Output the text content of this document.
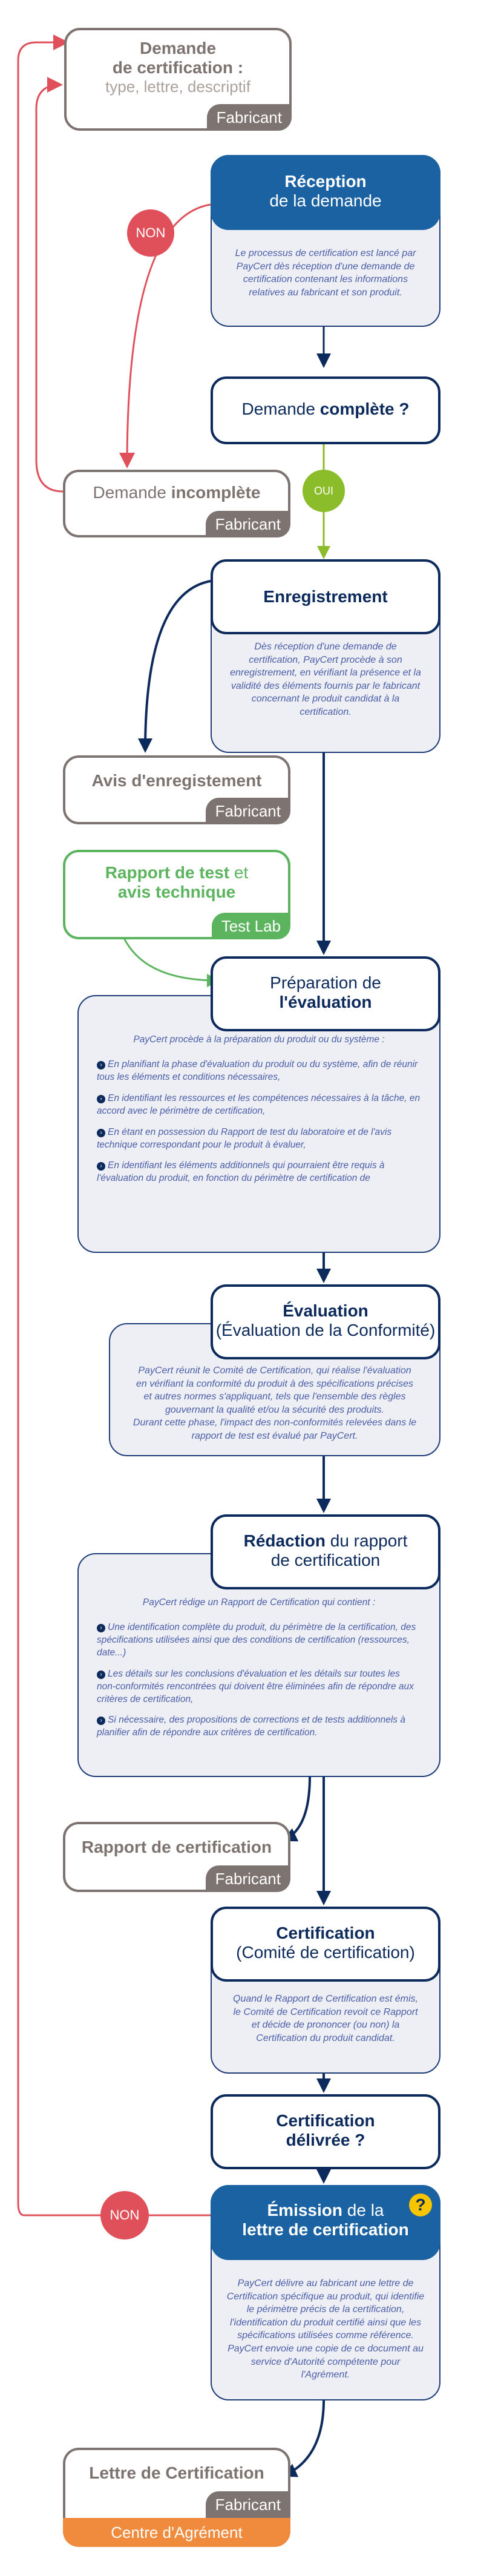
Demande
de certification :
type, lettre, descriptif
Fabricant
Le processus de certification est lancé par PayCert dès réception d'une demande de certification contenant les informations relatives au fabricant et son produit.
Réception
de la demande
NON
Demande complète ?
Demande incomplète
Fabricant
OUI
Dès réception d'une demande de certification, PayCert procède à son enregistrement, en vérifiant la présence et la validité des éléments fournis par le fabricant concernant le produit candidat à la certification.
Enregistrement
Avis d'enregistement
Fabricant
Rapport de test et
avis technique
Test Lab
PayCert procède à la préparation du produit ou du système :
› En planifiant la phase d'évaluation du produit ou du système, afin de réunir tous les éléments et conditions nécessaires,
› En identifiant les ressources et les compétences nécessaires à la tâche, en accord avec le périmètre de certification,
› En étant en possession du Rapport de test du laboratoire et de l'avis technique correspondant pour le produit à évaluer,
› En identifiant les éléments additionnels qui pourraient être requis à l'évaluation du produit, en fonction du périmètre de certification de
Préparation de
l'évaluation
PayCert réunit le Comité de Certification, qui réalise l'évaluation en vérifiant la conformité du produit à des spécifications précises et autres normes s'appliquant, tels que l'ensemble des règles gouvernant la qualité et/ou la sécurité des produits.
Durant cette phase, l'impact des non-conformités relevées dans le rapport de test est évalué par PayCert.
Évaluation
(Évaluation de la Conformité)
PayCert rédige un Rapport de Certification qui contient :
› Une identification complète du produit, du périmètre de la certification, des spécifications utilisées ainsi que des conditions de certification (ressources, date...)
› Les détails sur les conclusions d'évaluation et les détails sur toutes les non-conformités rencontrées qui doivent être éliminées afin de répondre aux critères de certification,
› Si nécessaire, des propositions de corrections et de tests additionnels à planifier afin de répondre aux critères de certification.
Rédaction du rapport
de certification
Rapport de certification
Fabricant
Quand le Rapport de Certification est émis, le Comité de Certification revoit ce Rapport et décide de prononcer (ou non) la Certification du produit candidat.
Certification
(Comité de certification)
Certification
délivrée ?
NON
PayCert délivre au fabricant une lettre de Certification spécifique au produit, qui identifie le périmètre précis de la certification, l'identification du produit certifié ainsi que les spécifications utilisées comme référence. PayCert envoie une copie de ce document au service d'Autorité compétente pour l'Agrément.
Émission de la
lettre de certification
?
Lettre de Certification
Fabricant
Centre d'Agrément
